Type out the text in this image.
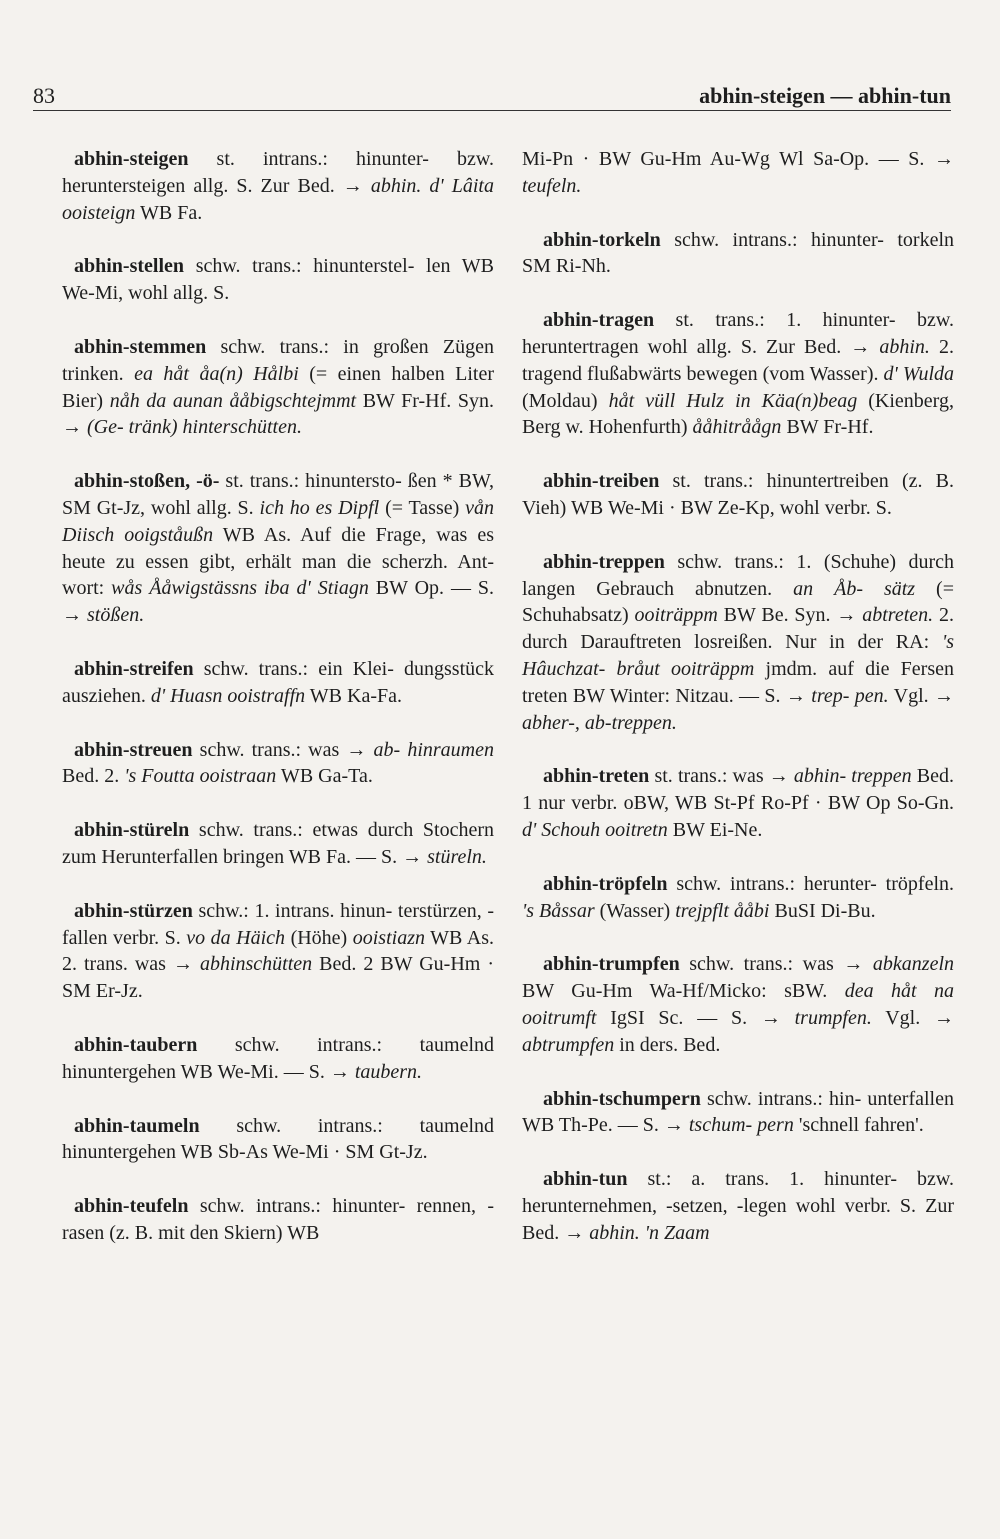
83	abhin-steigen — abhin-tun

abhin-steigen st. intrans.: hinunter- bzw. heruntersteigen allg. S. Zur Bed. → abhin. d' Lâita ooisteign WB Fa.

abhin-stellen schw. trans.: hinunterstel- len WB We-Mi, wohl allg. S.

abhin-stemmen schw. trans.: in großen Zügen trinken. ea håt åa(n) Hålbi (= einen halben Liter Bier) nåh da aunan ååbigschtejmmt BW Fr-Hf. Syn. → (Ge- tränk) hinterschütten.

abhin-stoßen, -ö- st. trans.: hinuntersto- ßen * BW, SM Gt-Jz, wohl allg. S. ich ho es Dipfl (= Tasse) vån Diisch ooigståußn WB As. Auf die Frage, was es heute zu essen gibt, erhält man die scherzh. Ant- wort: wås Ååwigstässns iba d' Stiagn BW Op. — S. → stößen.

abhin-streifen schw. trans.: ein Klei- dungsstück ausziehen. d' Huasn ooistraffn WB Ka-Fa.

abhin-streuen schw. trans.: was → ab- hinraumen Bed. 2. 's Foutta ooistraan WB Ga-Ta.

abhin-stüreln schw. trans.: etwas durch Stochern zum Herunterfallen bringen WB Fa. — S. → stüreln.

abhin-stürzen schw.: 1. intrans. hinun- terstürzen, -fallen verbr. S. vo da Häich (Höhe) ooistiazn WB As. 2. trans. was → abhinschütten Bed. 2 BW Gu-Hm · SM Er-Jz.

abhin-taubern schw. intrans.: taumelnd hinuntergehen WB We-Mi. — S. → taubern.

abhin-taumeln schw. intrans.: taumelnd hinuntergehen WB Sb-As We-Mi · SM Gt-Jz.

abhin-teufeln schw. intrans.: hinunter- rennen, -rasen (z. B. mit den Skiern) WB

Mi-Pn · BW Gu-Hm Au-Wg Wl Sa-Op. — S. → teufeln.

abhin-torkeln schw. intrans.: hinunter- torkeln SM Ri-Nh.

abhin-tragen st. trans.: 1. hinunter- bzw. heruntertragen wohl allg. S. Zur Bed. → abhin. 2. tragend flußabwärts bewegen (vom Wasser). d' Wulda (Moldau) håt vüll Hulz in Käa(n)beag (Kienberg, Berg w. Hohenfurth) ååhitråågn BW Fr-Hf.

abhin-treiben st. trans.: hinuntertreiben (z. B. Vieh) WB We-Mi · BW Ze-Kp, wohl verbr. S.

abhin-treppen schw. trans.: 1. (Schuhe) durch langen Gebrauch abnutzen. an Åb- sätz (= Schuhabsatz) ooiträppm BW Be. Syn. → abtreten. 2. durch Darauftreten losreißen. Nur in der RA: 's Hâuchzat- bråut ooiträppm jmdm. auf die Fersen treten BW Winter: Nitzau. — S. → trep- pen. Vgl. → abher-, ab-treppen.

abhin-treten st. trans.: was → abhin- treppen Bed. 1 nur verbr. oBW, WB St-Pf Ro-Pf · BW Op So-Gn. d' Schouh ooitretn BW Ei-Ne.

abhin-tröpfeln schw. intrans.: herunter- tröpfeln. 's Båssar (Wasser) trejpflt ååbi BuSI Di-Bu.

abhin-trumpfen schw. trans.: was → abkanzeln BW Gu-Hm Wa-Hf/Micko: sBW. dea håt na ooitrumft IgSI Sc. — S. → trumpfen. Vgl. → abtrumpfen in ders. Bed.

abhin-tschumpern schw. intrans.: hin- unterfallen WB Th-Pe. — S. → tschum- pern 'schnell fahren'.

abhin-tun st.: a. trans. 1. hinunter- bzw. herunternehmen, -setzen, -legen wohl verbr. S. Zur Bed. → abhin. 'n Zaam
